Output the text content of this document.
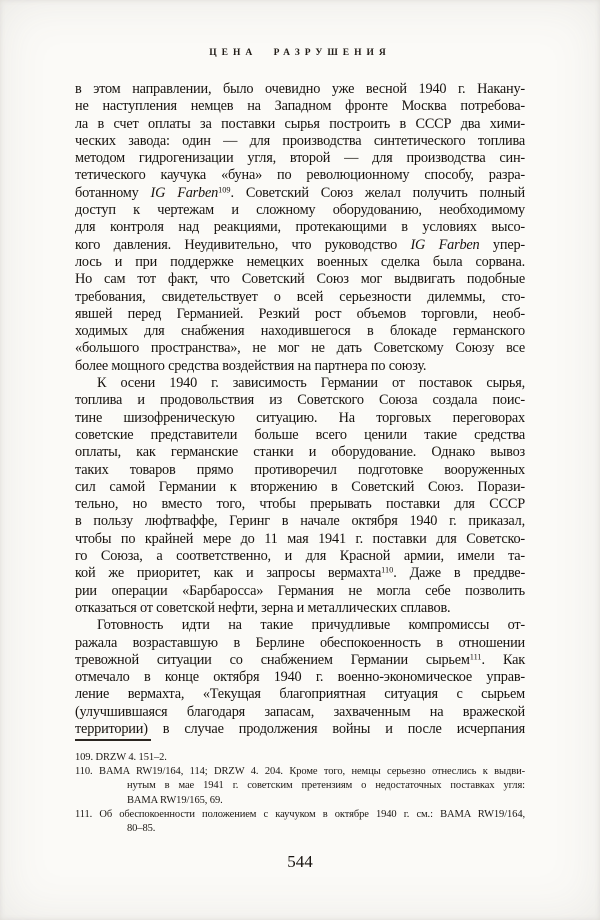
ЦЕНА РАЗРУШЕНИЯ
в этом направлении, было очевидно уже весной 1940 г. Накану-
не наступления немцев на Западном фронте Москва потребова-
ла в счет оплаты за поставки сырья построить в СССР два хими-
ческих завода: один — для производства синтетического топлива
методом гидрогенизации угля, второй — для производства син-
тетического каучука «буна» по революционному способу, разра-
ботанному IG Farben$^{109}$. Советский Союз желал получить полный
доступ к чертежам и сложному оборудованию, необходимому
для контроля над реакциями, протекающими в условиях высо-
кого давления. Неудивительно, что руководство IG Farben упер-
лось и при поддержке немецких военных сделка была сорвана.
Но сам тот факт, что Советский Союз мог выдвигать подобные
требования, свидетельствует о всей серьезности дилеммы, сто-
явшей перед Германией. Резкий рост объемов торговли, необ-
ходимых для снабжения находившегося в блокаде германского
«большого пространства», не мог не дать Советскому Союзу все
более мощного средства воздействия на партнера по союзу.
К осени 1940 г. зависимость Германии от поставок сырья,
топлива и продовольствия из Советского Союза создала поис-
тине шизофреническую ситуацию. На торговых переговорах
советские представители больше всего ценили такие средства
оплаты, как германские станки и оборудование. Однако вывоз
таких товаров прямо противоречил подготовке вооруженных
сил самой Германии к вторжению в Советский Союз. Порази-
тельно, но вместо того, чтобы прерывать поставки для СССР
в пользу люфтваффе, Геринг в начале октября 1940 г. приказал,
чтобы по крайней мере до 11 мая 1941 г. поставки для Советско-
го Союза, а соответственно, и для Красной армии, имели та-
кой же приоритет, как и запросы вермахта$^{110}$. Даже в преддве-
рии операции «Барбаросса» Германия не могла себе позволить
отказаться от советской нефти, зерна и металлических сплавов.
Готовность идти на такие причудливые компромиссы от-
ражала возраставшую в Берлине обеспокоенность в отношении
тревожной ситуации со снабжением Германии сырьем$^{111}$. Как
отмечало в конце октября 1940 г. военно-экономическое управ-
ление вермахта, «Текущая благоприятная ситуация с сырьем
(улучшившаяся благодаря запасам, захваченным на вражеской
территории) в случае продолжения войны и после исчерпания
109. DRZW 4. 151–2.
110. BAMA RW19/164, 114; DRZW 4. 204. Кроме того, немцы серьезно отнеслись к выдви-
нутым в мае 1941 г. советским претензиям о недостаточных поставках угля:
BAMA RW19/165, 69.
111. Об обеспокоенности положением с каучуком в октябре 1940 г. см.: BAMA RW19/164,
80–85.
544
